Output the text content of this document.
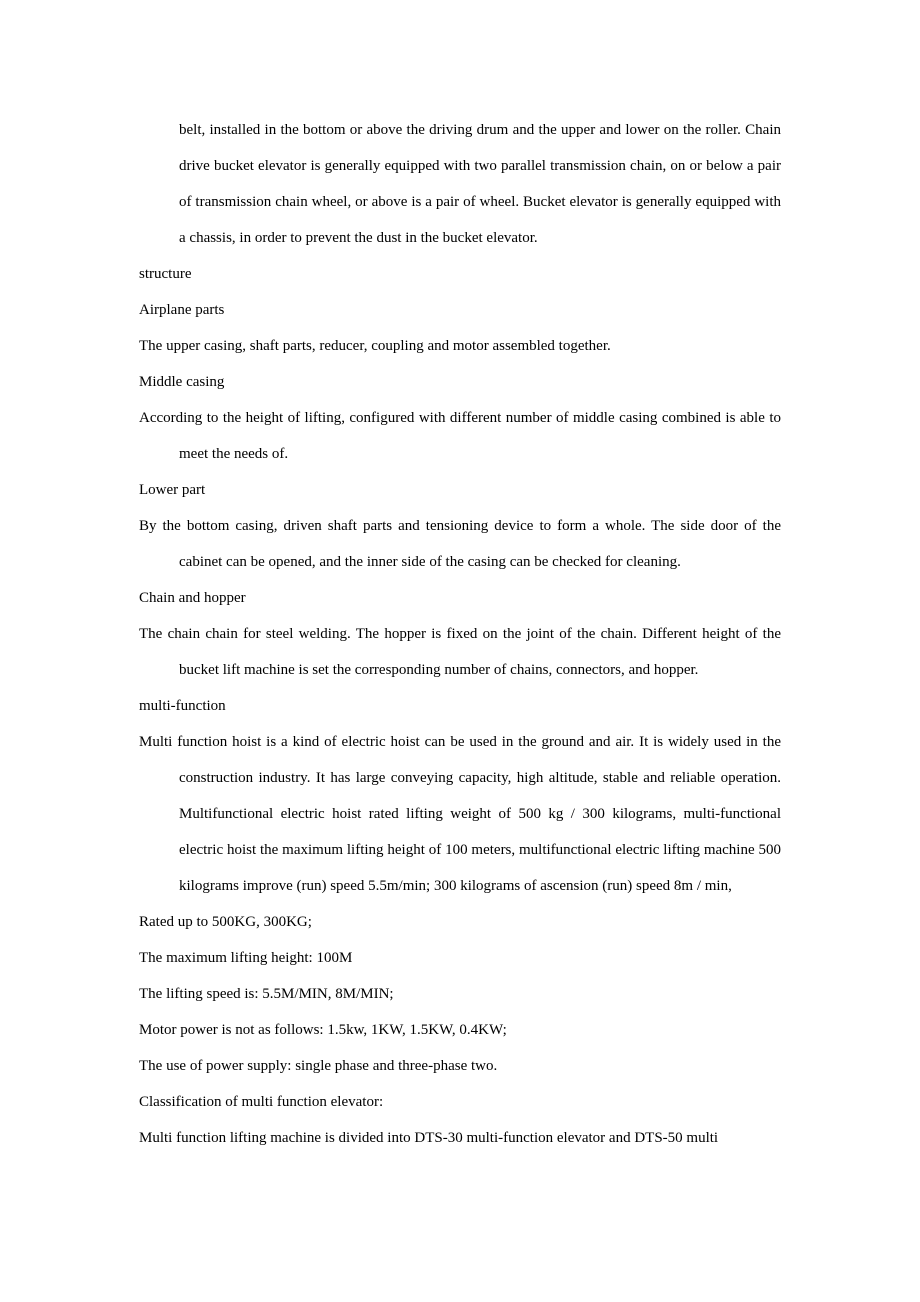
belt, installed in the bottom or above the driving drum and the upper and lower on the roller. Chain drive bucket elevator is generally equipped with two parallel transmission chain, on or below a pair of transmission chain wheel, or above is a pair of wheel. Bucket elevator is generally equipped with a chassis, in order to prevent the dust in the bucket elevator.

structure

Airplane parts

The upper casing, shaft parts, reducer, coupling and motor assembled together.

Middle casing

According to the height of lifting, configured with different number of middle casing combined is able to meet the needs of.

Lower part

By the bottom casing, driven shaft parts and tensioning device to form a whole. The side door of the cabinet can be opened, and the inner side of the casing can be checked for cleaning.

Chain and hopper

The chain chain for steel welding. The hopper is fixed on the joint of the chain. Different height of the bucket lift machine is set the corresponding number of chains, connectors, and hopper.

multi-function

Multi function hoist is a kind of electric hoist can be used in the ground and air. It is widely used in the construction industry. It has large conveying capacity, high altitude, stable and reliable operation. Multifunctional electric hoist rated lifting weight of 500 kg / 300 kilograms, multi-functional electric hoist the maximum lifting height of 100 meters, multifunctional electric lifting machine 500 kilograms improve (run) speed 5.5m/min; 300 kilograms of ascension (run) speed 8m / min,

Rated up to 500KG, 300KG;

The maximum lifting height: 100M

The lifting speed is: 5.5M/MIN, 8M/MIN;

Motor power is not as follows: 1.5kw, 1KW, 1.5KW, 0.4KW;

The use of power supply: single phase and three-phase two.

Classification of multi function elevator:

Multi function lifting machine is divided into DTS-30 multi-function elevator and DTS-50 multi
